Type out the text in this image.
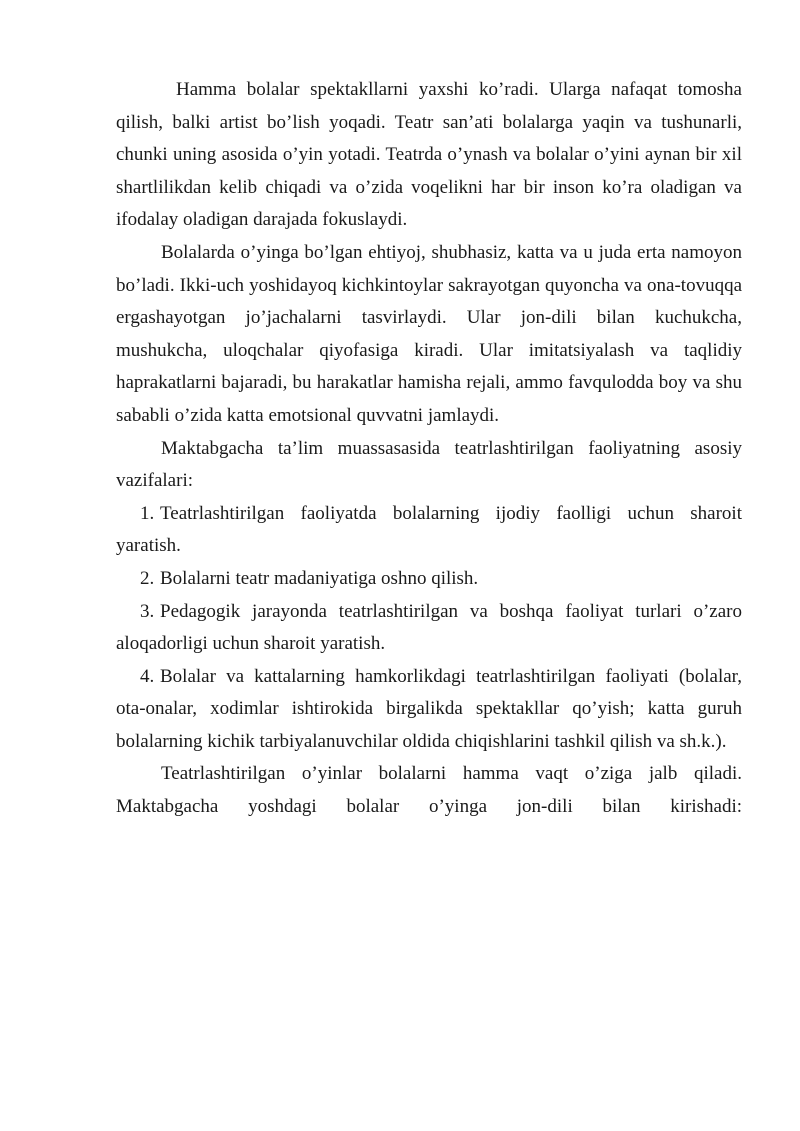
Hamma bolalar spektakllarni yaxshi ko’radi. Ularga nafaqat tomosha qilish, balki artist bo’lish yoqadi. Teatr san’ati bolalarga yaqin va tushunarli, chunki uning asosida o’yin yotadi. Teatrda o’ynash va bolalar o’yini aynan bir xil shartlilikdan kelib chiqadi va o’zida voqelikni har bir inson ko’ra oladigan va ifodalay oladigan darajada fokuslaydi.

Bolalarda o’yinga bo’lgan ehtiyoj, shubhasiz, katta va u juda erta namoyon bo’ladi. Ikki-uch yoshidayoq kichkintoylar sakrayotgan quyoncha va ona-tovuqqa ergashayotgan jo’jachalarni tasvirlaydi. Ular jon-dili bilan kuchukcha, mushukcha, uloqchalar qiyofasiga kiradi. Ular imitatsiyalash va taqlidiy haprakatlarni bajaradi, bu harakatlar hamisha rejali, ammo favqulodda boy va shu sababli o’zida katta emotsional quvvatni jamlaydi.

Maktabgacha ta’lim muassasasida teatrlashtirilgan faoliyatning asosiy vazifalari:

1. Teatrlashtirilgan faoliyatda bolalarning ijodiy faolligi uchun sharoit yaratish.

2. Bolalarni teatr madaniyatiga oshno qilish.

3. Pedagogik jarayonda teatrlashtirilgan va boshqa faoliyat turlari o’zaro aloqadorligi uchun sharoit yaratish.

4. Bolalar va kattalarning hamkorlikdagi teatrlashtirilgan faoliyati (bolalar, ota-onalar, xodimlar ishtirokida birgalikda spektakllar qo’yish; katta guruh bolalarning kichik tarbiyalanuvchilar oldida chiqishlarini tashkil qilish va sh.k.).

Teatrlashtirilgan o’yinlar bolalarni hamma vaqt o’ziga jalb qiladi. Maktabgacha yoshdagi bolalar o’yinga jon-dili bilan kirishadi:
